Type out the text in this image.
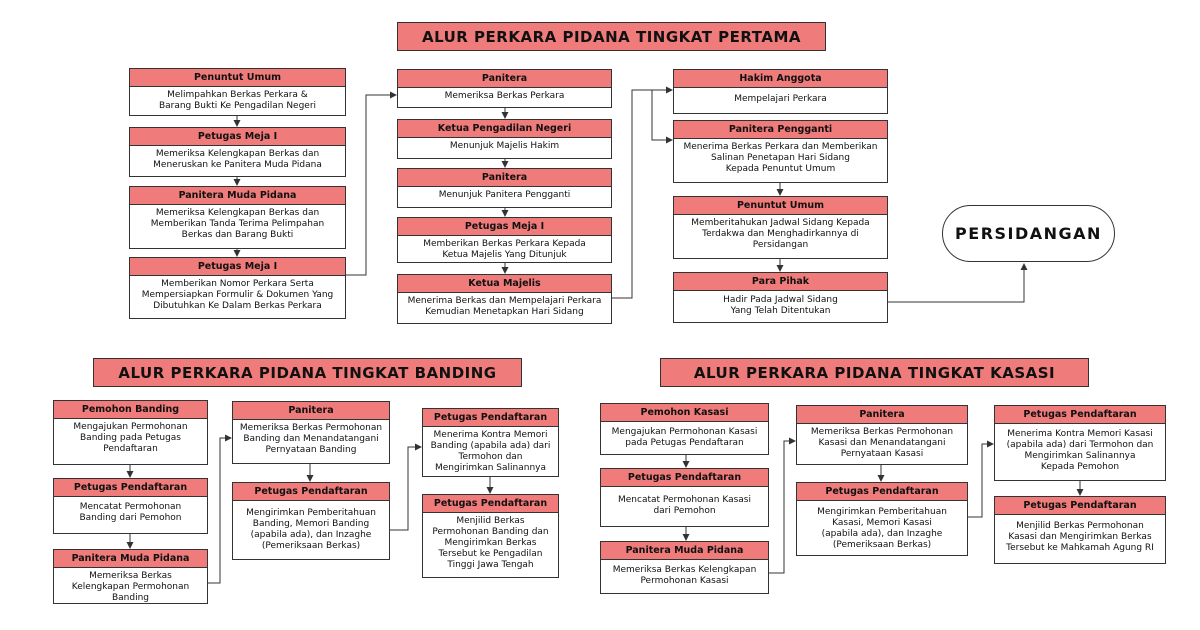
ALUR PERKARA PIDANA TINGKAT PERTAMA
ALUR PERKARA PIDANA TINGKAT BANDING	ALUR PERKARA PIDANA TINGKAT KASASI
Penuntut Umum
Melimpahkan Berkas Perkara &
Barang Bukti Ke Pengadilan Negeri
Petugas Meja I
Memeriksa Kelengkapan Berkas dan
Meneruskan ke Panitera Muda Pidana
Panitera Muda Pidana
Memeriksa Kelengkapan Berkas dan
Memberikan Tanda Terima Pelimpahan
Berkas dan Barang Bukti
Petugas Meja I
Memberikan Nomor Perkara Serta
Mempersiapkan Formulir & Dokumen Yang
Dibutuhkan Ke Dalam Berkas Perkara
Panitera
Memeriksa Berkas Perkara
Ketua Pengadilan Negeri
Menunjuk Majelis Hakim
Panitera
Menunjuk Panitera Pengganti
Petugas Meja I
Memberikan Berkas Perkara Kepada
Ketua Majelis Yang Ditunjuk
Ketua Majelis
Menerima Berkas dan Mempelajari Perkara
Kemudian Menetapkan Hari Sidang
Hakim Anggota
Mempelajari Perkara
Panitera Pengganti
Menerima Berkas Perkara dan Memberikan
Salinan Penetapan Hari Sidang
Kepada Penuntut Umum
Penuntut Umum
Memberitahukan Jadwal Sidang Kepada
Terdakwa dan Menghadirkannya di
Persidangan
Para Pihak
Hadir Pada Jadwal Sidang
Yang Telah Ditentukan
PERSIDANGAN
Pemohon Banding
Mengajukan Permohonan
Banding pada Petugas
Pendaftaran
Petugas Pendaftaran
Mencatat Permohonan
Banding dari Pemohon
Panitera Muda Pidana
Memeriksa Berkas
Kelengkapan Permohonan
Banding
Panitera
Memeriksa Berkas Permohonan
Banding dan Menandatangani
Pernyataan Banding
Petugas Pendaftaran
Mengirimkan Pemberitahuan
Banding, Memori Banding
(apabila ada), dan Inzaghe
(Pemeriksaan Berkas)
Petugas Pendaftaran
Menerima Kontra Memori
Banding (apabila ada) dari
Termohon dan
Mengirimkan Salinannya
Petugas Pendaftaran
Menjilid Berkas
Permohonan Banding dan
Mengirimkan Berkas
Tersebut ke Pengadilan
Tinggi Jawa Tengah
Pemohon Kasasi
Mengajukan Permohonan Kasasi
pada Petugas Pendaftaran
Petugas Pendaftaran
Mencatat Permohonan Kasasi
dari Pemohon
Panitera Muda Pidana
Memeriksa Berkas Kelengkapan
Permohonan Kasasi
Panitera
Memeriksa Berkas Permohonan
Kasasi dan Menandatangani
Pernyataan Kasasi
Petugas Pendaftaran
Mengirimkan Pemberitahuan
Kasasi, Memori Kasasi
(apabila ada), dan Inzaghe
(Pemeriksaan Berkas)
Petugas Pendaftaran
Menerima Kontra Memori Kasasi
(apabila ada) dari Termohon dan
Mengirimkan Salinannya
Kepada Pemohon
Petugas Pendaftaran
Menjilid Berkas Permohonan
Kasasi dan Mengirimkan Berkas
Tersebut ke Mahkamah Agung RI
